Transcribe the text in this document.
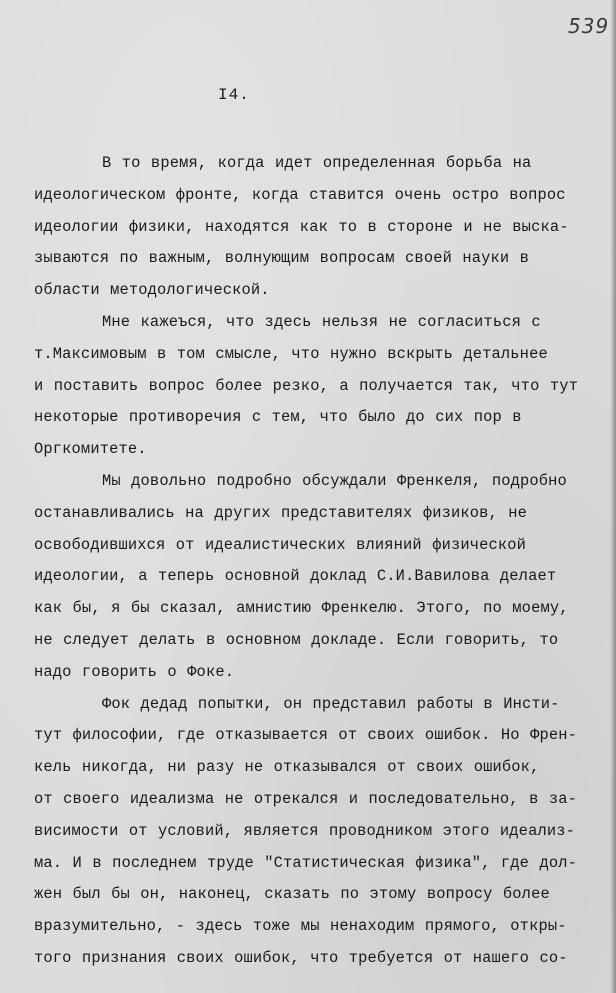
539
I4.
В то время, когда идет определенная борьба на
идеологическом фронте, когда ставится очень остро вопрос
идеологии физики, находятся как то в стороне и не выска-
зываются по важным, волнующим вопросам своей науки в
области методологической.
Мне кажеъся, что здесь нельзя не согласиться с
т.Максимовым в том смысле, что нужно вскрыть детальнее
и поставить вопрос более резко, а получается так, что тут
некоторые противоречия с тем, что было до сих пор в
Оргкомитете.
Мы довольно подробно обсуждали Френкеля, подробно
останавливались на других представителях физиков, не
освободившихся от идеалистических влияний физической
идеологии, а теперь основной доклад С.И.Вавилова делает
как бы, я бы сказал, амнистию Френкелю. Этого, по моему,
не следует делать в основном докладе. Если говорить, то
надо говорить о Фоке.
Фок дедад попытки, он представил работы в Инсти-
тут философии, где отказывается от своих ошибок. Но Френ-
кель никогда, ни разу не отказывался от своих ошибок,
от своего идеализма не отрекался и последовательно, в за-
висимости от условий, является проводником этого идеализ-
ма. И в последнем труде "Статистическая физика", где дол-
жен был бы он, наконец, сказать по этому вопросу более
вразумительно, - здесь тоже мы ненаходим прямого, откры-
того признания своих ошибок, что требуется от нашего со-
